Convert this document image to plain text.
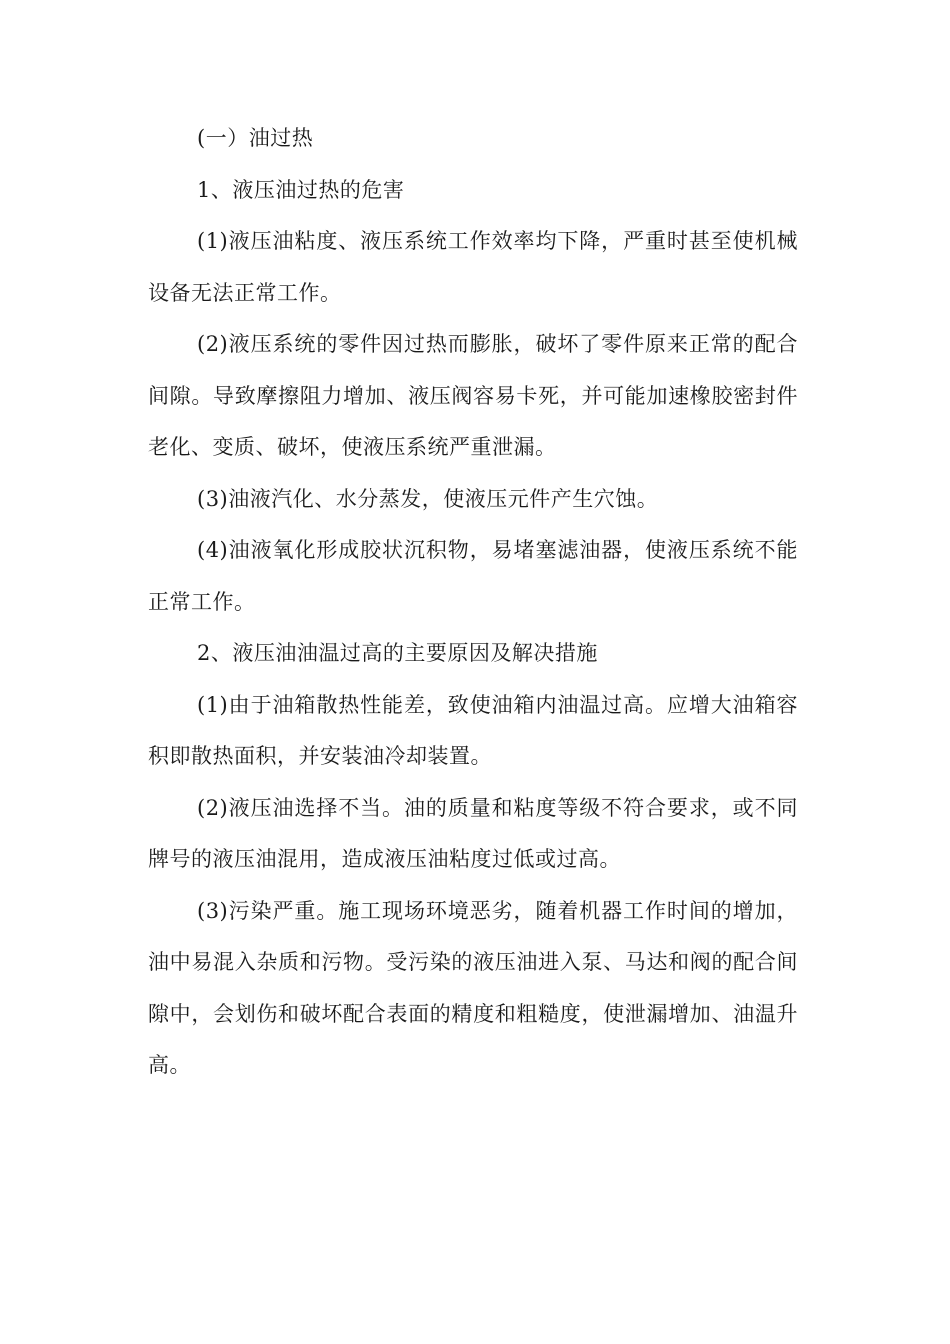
(一）油过热

1、液压油过热的危害

(1)液压油粘度、液压系统工作效率均下降，严重时甚至使机械设备无法正常工作。

(2)液压系统的零件因过热而膨胀，破坏了零件原来正常的配合间隙。导致摩擦阻力增加、液压阀容易卡死，并可能加速橡胶密封件老化、变质、破坏，使液压系统严重泄漏。

(3)油液汽化、水分蒸发，使液压元件产生穴蚀。

(4)油液氧化形成胶状沉积物，易堵塞滤油器，使液压系统不能正常工作。

2、液压油油温过高的主要原因及解决措施

(1)由于油箱散热性能差，致使油箱内油温过高。应增大油箱容积即散热面积，并安装油冷却装置。

(2)液压油选择不当。油的质量和粘度等级不符合要求，或不同牌号的液压油混用，造成液压油粘度过低或过高。

(3)污染严重。施工现场环境恶劣，随着机器工作时间的增加，油中易混入杂质和污物。受污染的液压油进入泵、马达和阀的配合间隙中，会划伤和破坏配合表面的精度和粗糙度，使泄漏增加、油温升高。
